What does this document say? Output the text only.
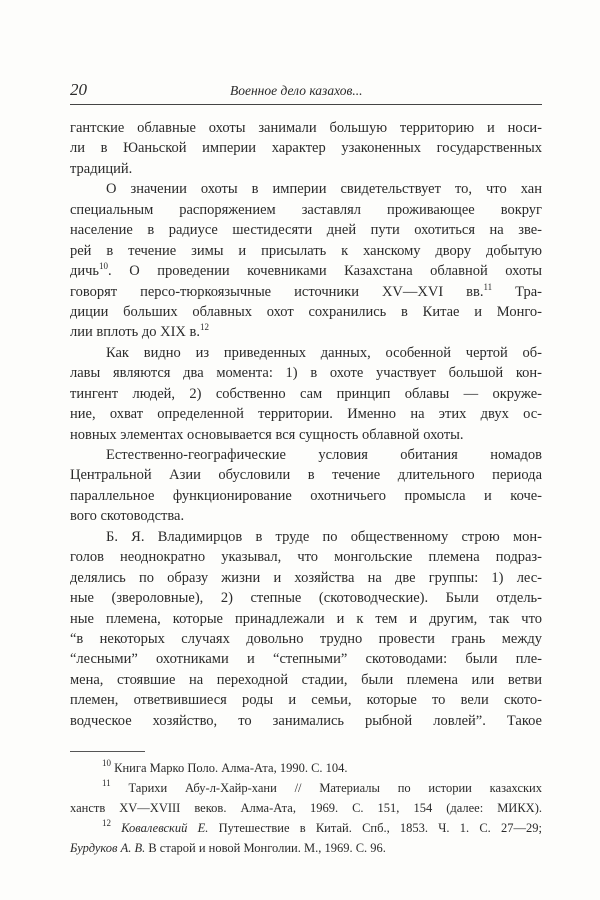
20	Военное дело казахов...
гантские облавные охоты занимали большую территорию и носи-
ли в Юаньской империи характер узаконенных государственных
традиций.
О значении охоты в империи свидетельствует то, что хан
специальным распоряжением заставлял проживающее вокруг
население в радиусе шестидесяти дней пути охотиться на зве-
рей в течение зимы и присылать к ханскому двору добытую
дичь$^{10}$. О проведении кочевниками Казахстана облавной охоты
говорят персо-тюркоязычные источники XV—XVI вв.$^{11}$ Тра-
диции больших облавных охот сохранились в Китае и Монго-
лии вплоть до XIX в.$^{12}$
Как видно из приведенных данных, особенной чертой об-
лавы являются два момента: 1) в охоте участвует большой кон-
тингент людей, 2) собственно сам принцип облавы — окруже-
ние, охват определенной территории. Именно на этих двух ос-
новных элементах основывается вся сущность облавной охоты.
Естественно-географические условия обитания номадов
Центральной Азии обусловили в течение длительного периода
параллельное функционирование охотничьего промысла и коче-
вого скотоводства.
Б. Я. Владимирцов в труде по общественному строю мон-
голов неоднократно указывал, что монгольские племена подраз-
делялись по образу жизни и хозяйства на две группы: 1) лес-
ные (звероловные), 2) степные (скотоводческие). Были отдель-
ные племена, которые принадлежали и к тем и другим, так что
“в некоторых случаях довольно трудно провести грань между
“лесными” охотниками и “степными” скотоводами: были пле-
мена, стоявшие на переходной стадии, были племена или ветви
племен, ответвившиеся роды и семьи, которые то вели ското-
водческое хозяйство, то занимались рыбной ловлей”. Такое
$^{10}$ Книга Марко Поло. Алма-Ата, 1990. С. 104.
$^{11}$ Тарихи Абу-л-Хайр-хани // Материалы по истории казахских
ханств XV—XVIII веков. Алма-Ата, 1969. С. 151, 154 (далее: МИКХ).
$^{12}$ Ковалевский Е. Путешествие в Китай. Спб., 1853. Ч. 1. С. 27—29;
Бурдуков А. В. В старой и новой Монголии. М., 1969. С. 96.
